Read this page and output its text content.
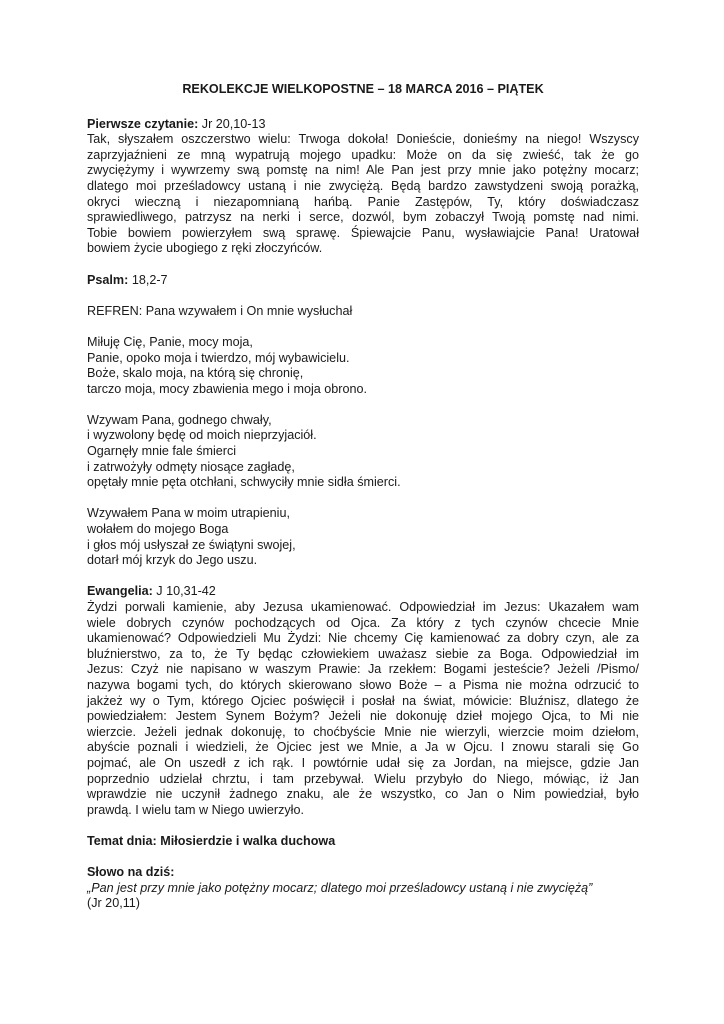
REKOLEKCJE WIELKOPOSTNE – 18 MARCA 2016 – PIĄTEK
Pierwsze czytanie: Jr 20,10-13
Tak, słyszałem oszczerstwo wielu: Trwoga dokoła! Donieście, donieśmy na niego! Wszyscy
zaprzyjaźnieni ze mną wypatrują mojego upadku: Może on da się zwieść, tak że go
zwyciężymy i wywrzemy swą pomstę na nim! Ale Pan jest przy mnie jako potężny mocarz;
dlatego moi prześladowcy ustaną i nie zwyciężą. Będą bardzo zawstydzeni swoją porażką,
okryci wieczną i niezapomnianą hańbą. Panie Zastępów, Ty, który doświadczasz
sprawiedliwego, patrzysz na nerki i serce, dozwól, bym zobaczył Twoją pomstę nad nimi.
Tobie bowiem powierzyłem swą sprawę. Śpiewajcie Panu, wysławiajcie Pana! Uratował
bowiem życie ubogiego z ręki złoczyńców.
Psalm: 18,2-7
REFREN: Pana wzywałem i On mnie wysłuchał
Miłuję Cię, Panie, mocy moja,
Panie, opoko moja i twierdzo, mój wybawicielu.
Boże, skalo moja, na którą się chronię,
tarczo moja, mocy zbawienia mego i moja obrono.
Wzywam Pana, godnego chwały,
i wyzwolony będę od moich nieprzyjaciół.
Ogarnęły mnie fale śmierci
i zatrwożyły odmęty niosące zagładę,
opętały mnie pęta otchłani, schwyciły mnie sidła śmierci.
Wzywałem Pana w moim utrapieniu,
wołałem do mojego Boga
i głos mój usłyszał ze świątyni swojej,
dotarł mój krzyk do Jego uszu.
Ewangelia: J 10,31-42
Żydzi porwali kamienie, aby Jezusa ukamienować. Odpowiedział im Jezus: Ukazałem wam
wiele dobrych czynów pochodzących od Ojca. Za który z tych czynów chcecie Mnie
ukamienować? Odpowiedzieli Mu Żydzi: Nie chcemy Cię kamienować za dobry czyn, ale za
bluźnierstwo, za to, że Ty będąc człowiekiem uważasz siebie za Boga. Odpowiedział im
Jezus: Czyż nie napisano w waszym Prawie: Ja rzekłem: Bogami jesteście? Jeżeli /Pismo/
nazywa bogami tych, do których skierowano słowo Boże – a Pisma nie można odrzucić to
jakżeż wy o Tym, którego Ojciec poświęcił i posłał na świat, mówicie: Bluźnisz, dlatego że
powiedziałem: Jestem Synem Bożym? Jeżeli nie dokonuję dzieł mojego Ojca, to Mi nie
wierzcie. Jeżeli jednak dokonuję, to choćbyście Mnie nie wierzyli, wierzcie moim dziełom,
abyście poznali i wiedzieli, że Ojciec jest we Mnie, a Ja w Ojcu. I znowu starali się Go
pojmać, ale On uszedł z ich rąk. I powtórnie udał się za Jordan, na miejsce, gdzie Jan
poprzednio udzielał chrztu, i tam przebywał. Wielu przybyło do Niego, mówiąc, iż Jan
wprawdzie nie uczynił żadnego znaku, ale że wszystko, co Jan o Nim powiedział, było
prawdą. I wielu tam w Niego uwierzyło.
Temat dnia: Miłosierdzie i walka duchowa
Słowo na dziś:
„Pan jest przy mnie jako potężny mocarz; dlatego moi prześladowcy ustaną i nie zwyciężą”
(Jr 20,11)
